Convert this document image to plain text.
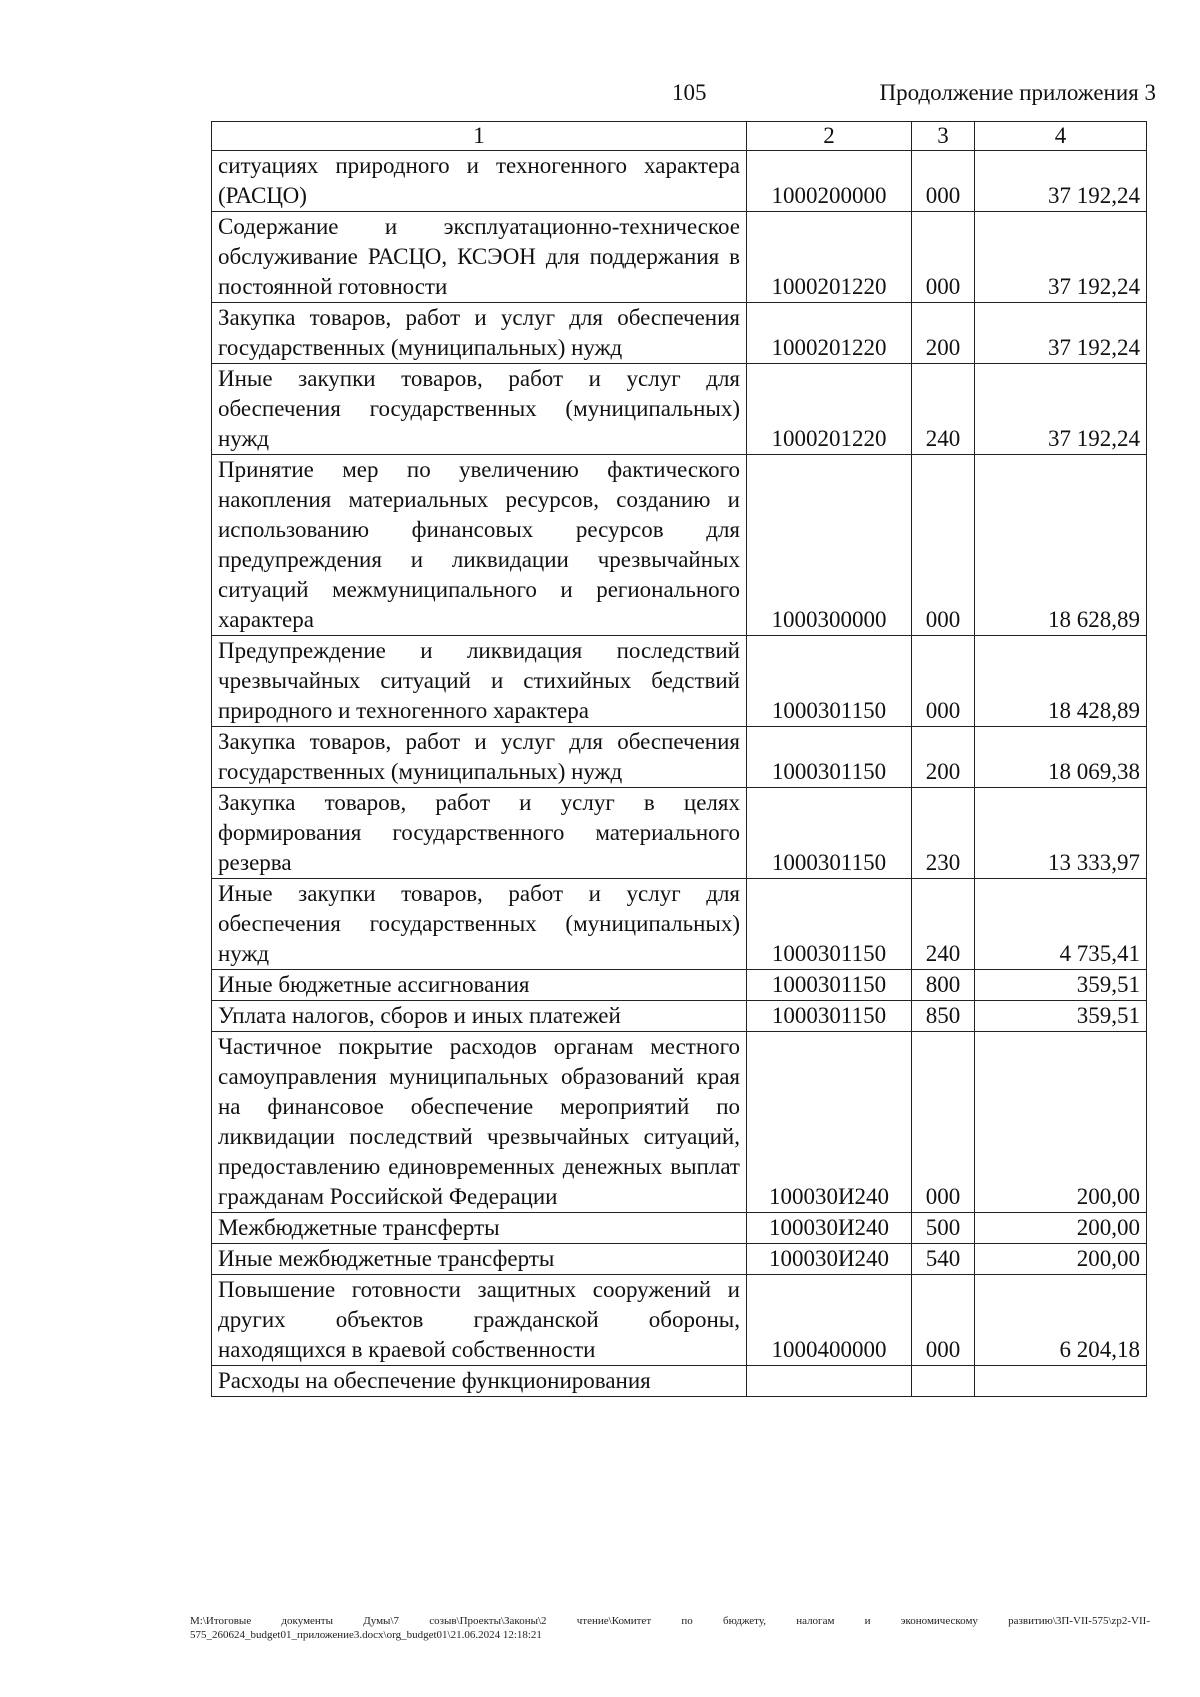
105	Продолжение приложения 3
1	2	3	4
ситуациях природного и техногенного характера (РАСЦО)	1000200000	000	37 192,24
Содержание и эксплуатационно-техническое обслуживание РАСЦО, КСЭОН для поддержания в постоянной готовности	1000201220	000	37 192,24
Закупка товаров, работ и услуг для обеспечения государственных (муниципальных) нужд	1000201220	200	37 192,24
Иные закупки товаров, работ и услуг для обеспечения государственных (муниципальных) нужд	1000201220	240	37 192,24
Принятие мер по увеличению фактического накопления материальных ресурсов, созданию и использованию финансовых ресурсов для предупреждения и ликвидации чрезвычайных ситуаций межмуниципального и регионального характера	1000300000	000	18 628,89
Предупреждение и ликвидация последствий чрезвычайных ситуаций и стихийных бедствий природного и техногенного характера	1000301150	000	18 428,89
Закупка товаров, работ и услуг для обеспечения государственных (муниципальных) нужд	1000301150	200	18 069,38
Закупка товаров, работ и услуг в целях формирования государственного материального резерва	1000301150	230	13 333,97
Иные закупки товаров, работ и услуг для обеспечения государственных (муниципальных) нужд	1000301150	240	4 735,41
Иные бюджетные ассигнования	1000301150	800	359,51
Уплата налогов, сборов и иных платежей	1000301150	850	359,51
Частичное покрытие расходов органам местного самоуправления муниципальных образований края на финансовое обеспечение мероприятий по ликвидации последствий чрезвычайных ситуаций, предоставлению единовременных денежных выплат гражданам Российской Федерации	100030И240	000	200,00
Межбюджетные трансферты	100030И240	500	200,00
Иные межбюджетные трансферты	100030И240	540	200,00
Повышение готовности защитных сооружений и других объектов гражданской обороны, находящихся в краевой собственности	1000400000	000	6 204,18
Расходы на обеспечение функционирования			
M:\Итоговые документы Думы\7 созыв\Проекты\Законы\2 чтение\Комитет по бюджету, налогам и экономическому развитию\3П-VII-575\zp2-VII-575_260624_budget01_приложение3.docx\org_budget01\21.06.2024 12:18:21
